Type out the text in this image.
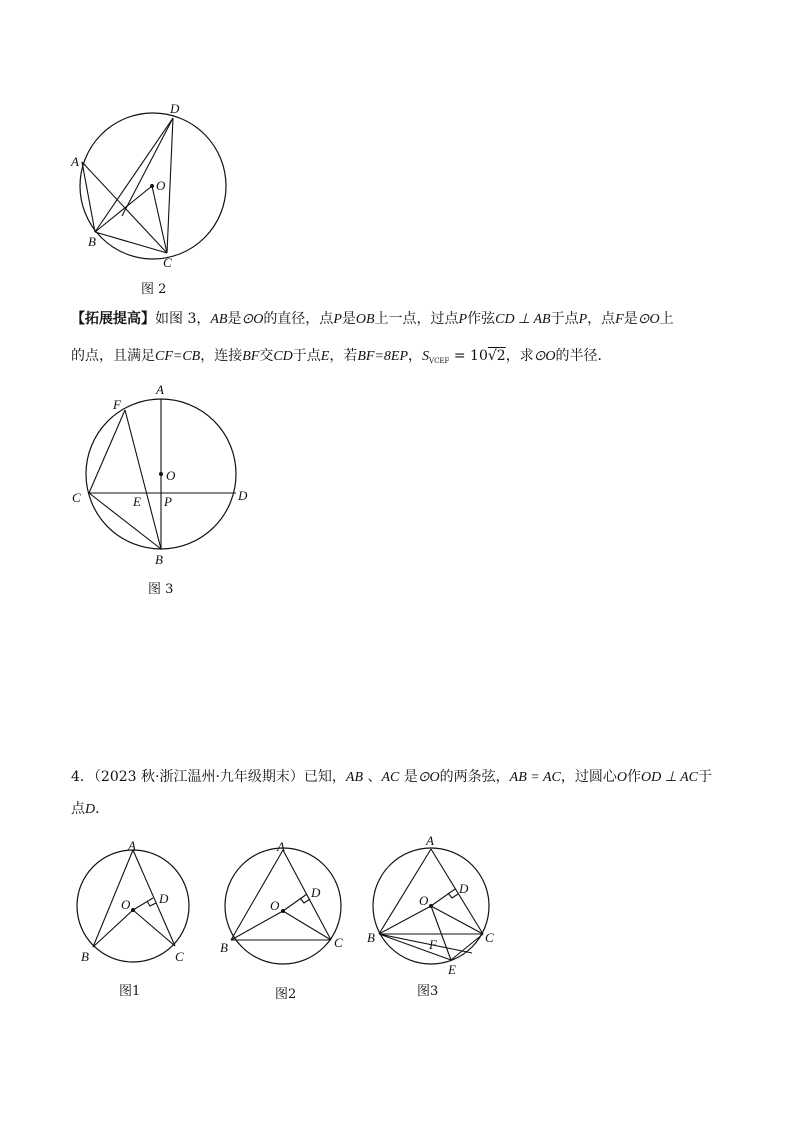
D
A
O
B
C
图 2
【拓展提高】如图 3，AB是⊙O的直径，点P是OB上一点，过点P作弦CD ⊥ AB于点P，点F是⊙O上
的点，且满足CF=CB，连接BF交CD于点E，若BF=8EP，$S_{VCEF} = 10√2$，求⊙O的半径．
A
F
O
C	E P	D
B
图 3
4．（2023 秋·浙江温州·九年级期末）已知，AB 、AC 是⊙O的两条弦，AB = AC，过圆心O作OD ⊥ AC于
点D．
A
O D
B	C
图1
A
D
O
B	C
图2
A
D
O
B	C
F
E
图3
